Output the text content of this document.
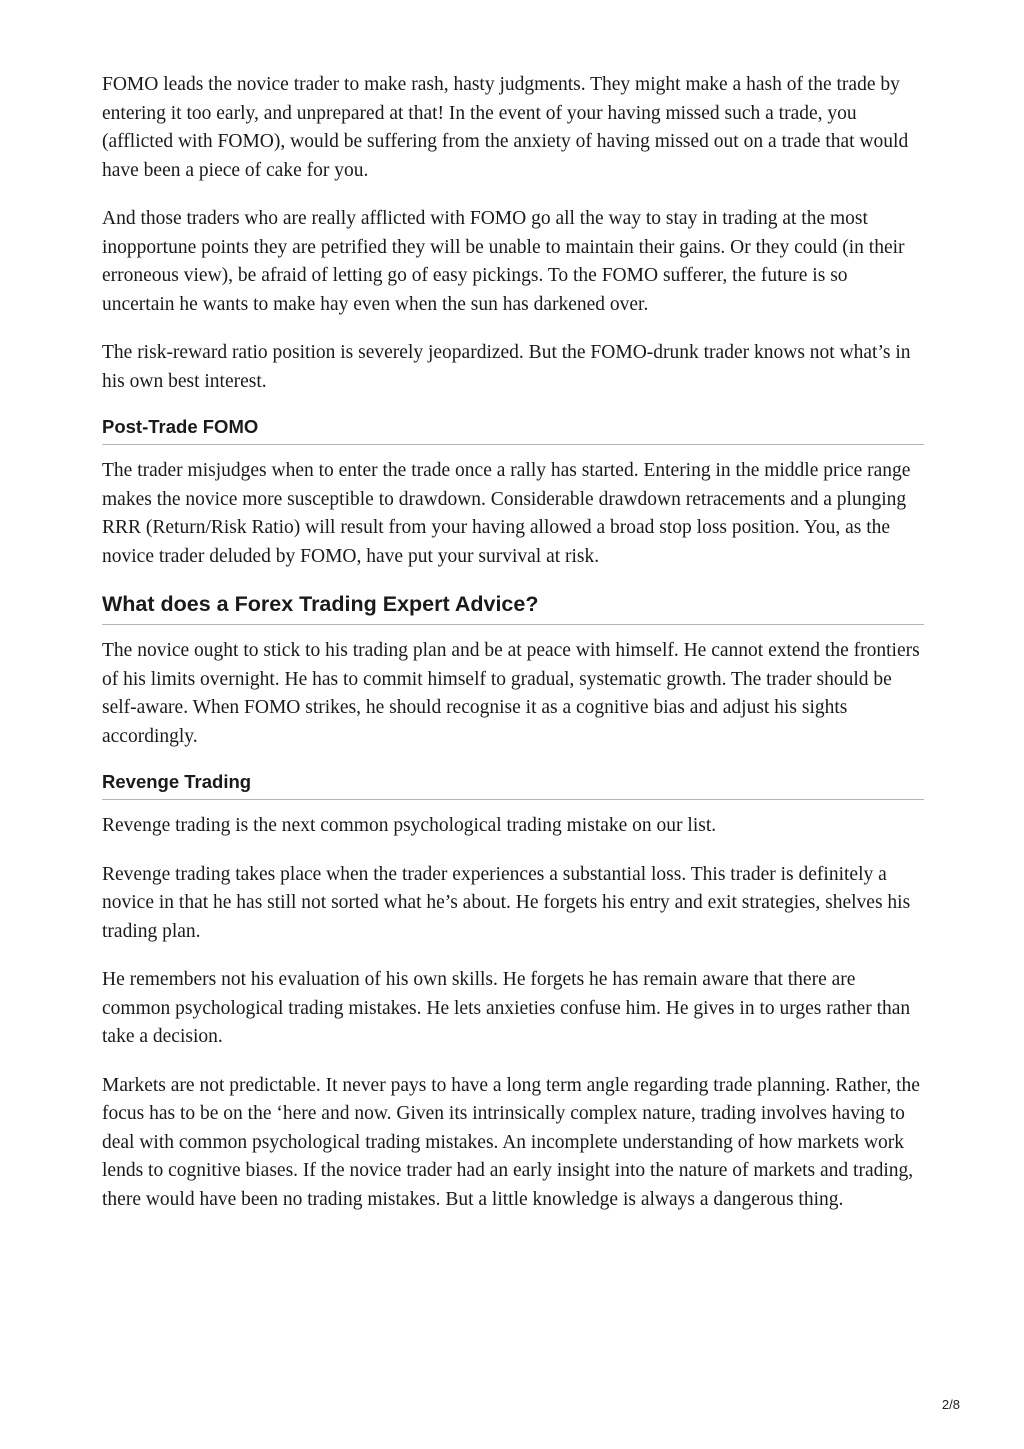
FOMO leads the novice trader to make rash, hasty judgments. They might make a hash of the trade by entering it too early, and unprepared at that! In the event of your having missed such a trade, you (afflicted with FOMO), would be suffering from the anxiety of having missed out on a trade that would have been a piece of cake for you.

And those traders who are really afflicted with FOMO go all the way to stay in trading at the most inopportune points they are petrified they will be unable to maintain their gains. Or they could (in their erroneous view), be afraid of letting go of easy pickings. To the FOMO sufferer, the future is so uncertain he wants to make hay even when the sun has darkened over.

The risk-reward ratio position is severely jeopardized. But the FOMO-drunk trader knows not what’s in his own best interest.

Post-Trade FOMO

The trader misjudges when to enter the trade once a rally has started. Entering in the middle price range makes the novice more susceptible to drawdown. Considerable drawdown retracements and a plunging RRR (Return/Risk Ratio) will result from your having allowed a broad stop loss position. You, as the novice trader deluded by FOMO, have put your survival at risk.

What does a Forex Trading Expert Advice?

The novice ought to stick to his trading plan and be at peace with himself. He cannot extend the frontiers of his limits overnight. He has to commit himself to gradual, systematic growth. The trader should be self-aware. When FOMO strikes, he should recognise it as a cognitive bias and adjust his sights accordingly.

Revenge Trading

Revenge trading is the next common psychological trading mistake on our list.

Revenge trading takes place when the trader experiences a substantial loss. This trader is definitely a novice in that he has still not sorted what he’s about. He forgets his entry and exit strategies, shelves his trading plan.

He remembers not his evaluation of his own skills. He forgets he has remain aware that there are common psychological trading mistakes. He lets anxieties confuse him. He gives in to urges rather than take a decision.

Markets are not predictable. It never pays to have a long term angle regarding trade planning. Rather, the focus has to be on the ‘here and now. Given its intrinsically complex nature, trading involves having to deal with common psychological trading mistakes. An incomplete understanding of how markets work lends to cognitive biases. If the novice trader had an early insight into the nature of markets and trading, there would have been no trading mistakes. But a little knowledge is always a dangerous thing.

2/8
